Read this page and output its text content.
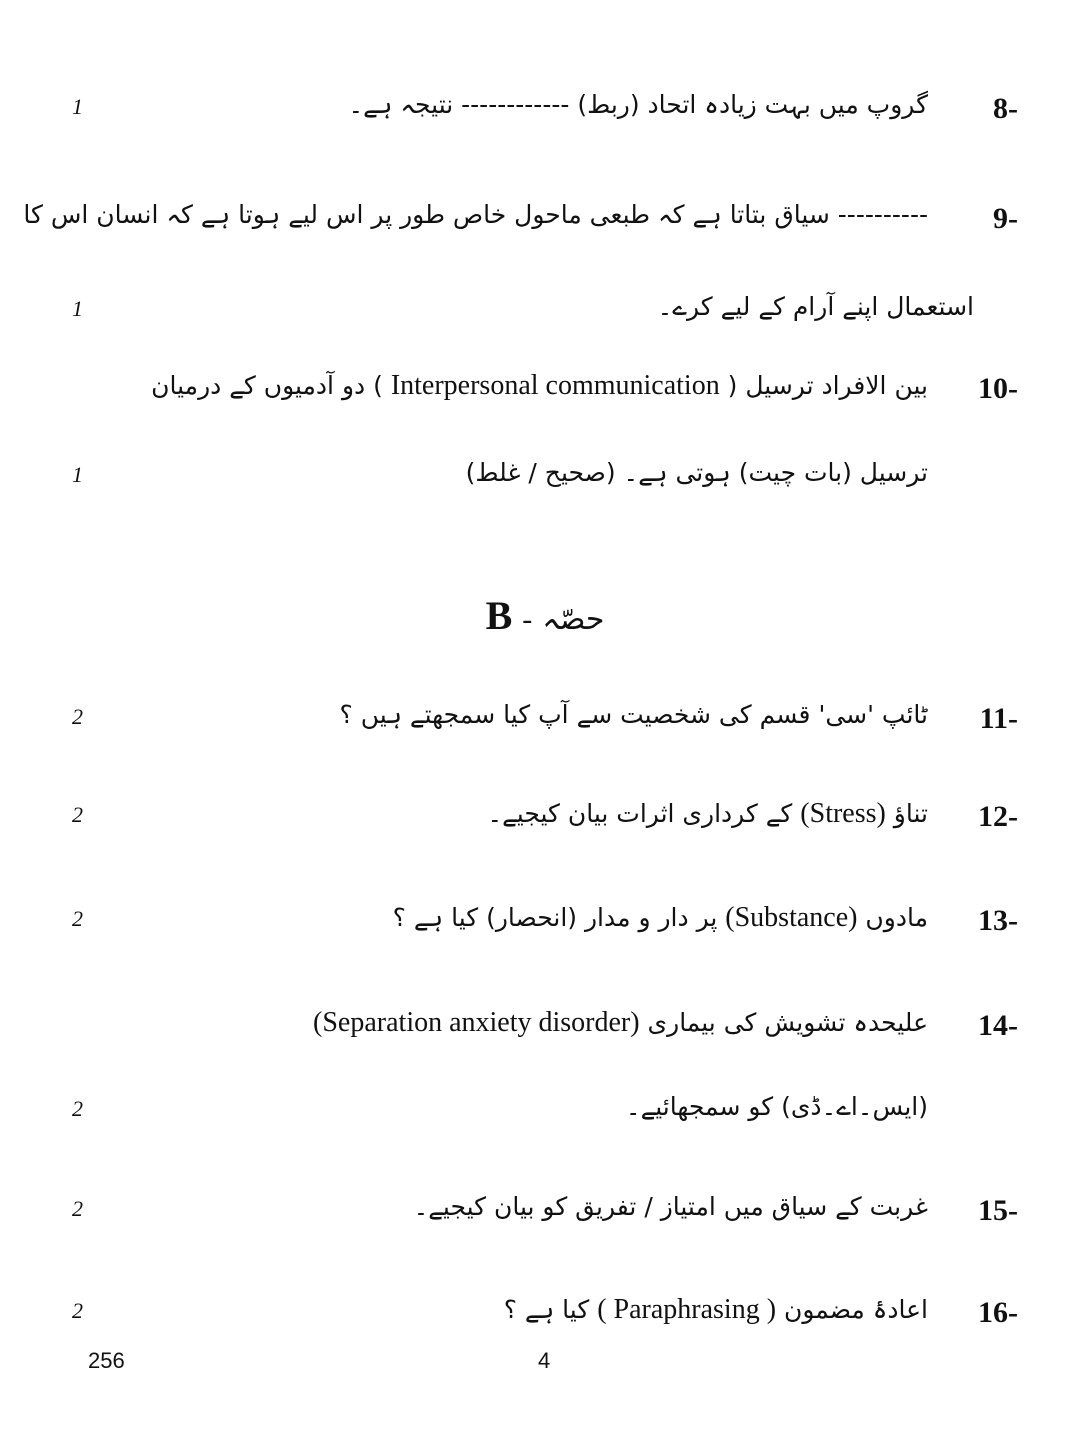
8-
گروپ میں بہت زیادہ اتحاد (ربط) ------------ نتیجہ ہے۔
1
9-
---------- سیاق بتاتا ہے کہ طبعی ماحول خاص طور پر اس لیے ہوتا ہے کہ انسان اس کا
استعمال اپنے آرام کے لیے کرے۔
1
10-
بین الافراد ترسیل ( Interpersonal communication ) دو آدمیوں کے درمیان
ترسیل (بات چیت) ہوتی ہے۔ (صحیح / غلط)
1
حصّہ-B
11-
ٹائپ 'سی' قسم کی شخصیت سے آپ کیا سمجھتے ہیں ؟
2
12-
تناؤ (Stress) کے کرداری اثرات بیان کیجیے۔
2
13-
مادوں (Substance) پر دار و مدار (انحصار) کیا ہے ؟
2
14-
علیحدہ تشویش کی بیماری (Separation anxiety disorder)
(ایس۔اے۔ڈی) کو سمجھائیے۔
2
15-
غربت کے سیاق میں امتیاز / تفریق کو بیان کیجیے۔
2
16-
اعادۂ مضمون ( Paraphrasing ) کیا ہے ؟
2
256	4
